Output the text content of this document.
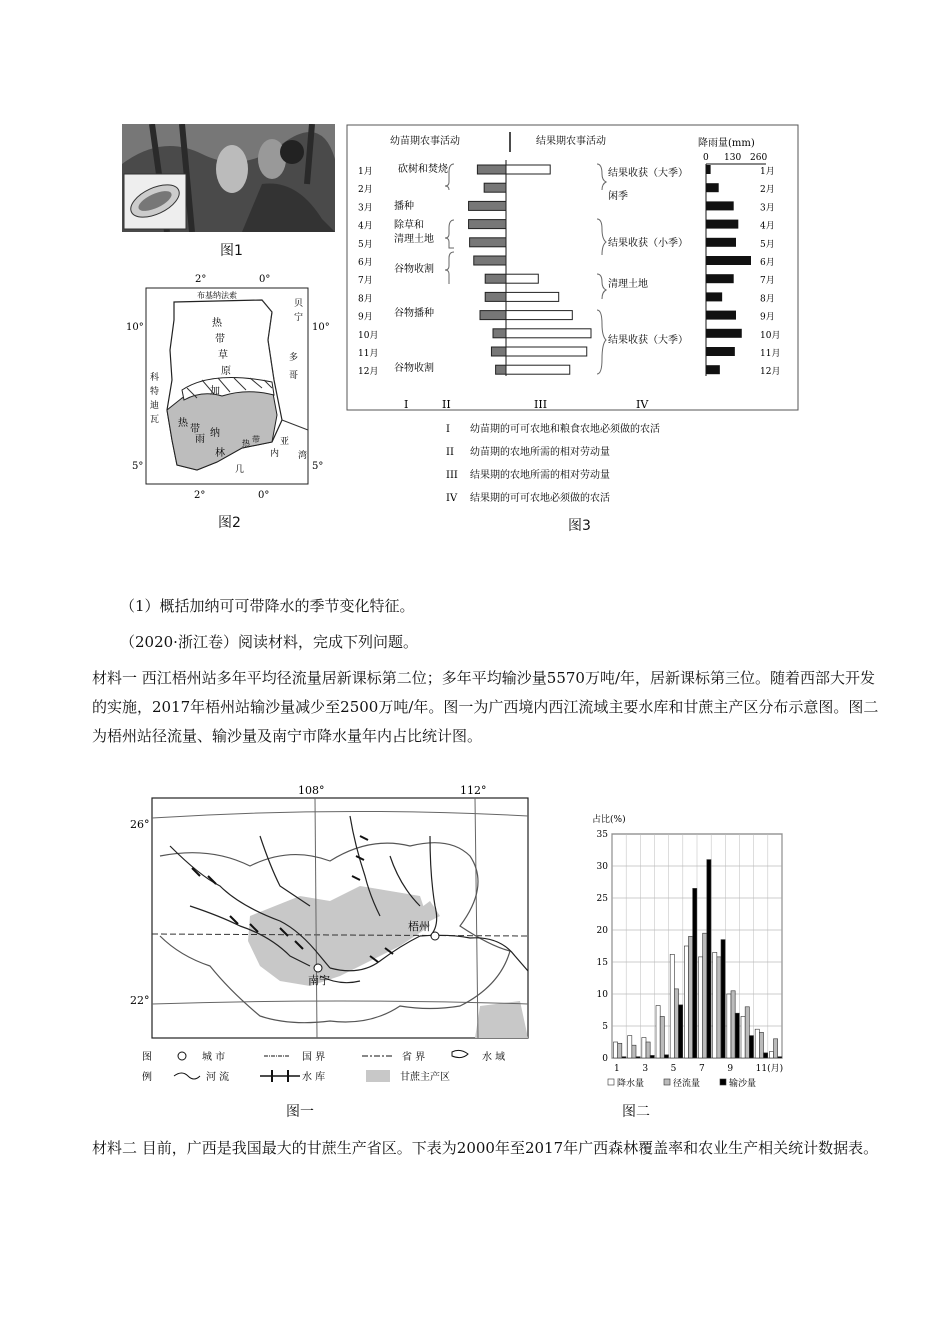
图1
2°	0°
2°	0°
10°	10°
5°	5°
布基纳法索
贝
宁
多
哥
科
特
迪
瓦
热
带
草
原
加
热
带 纳
雨
林
热 带 亚
内
几
湾
图2
幼苗期农事活动	结果期农事活动	降雨量(mm)
0 130 260
1月	1月
2月	2月
3月	3月
4月	4月
5月	5月
6月	6月
7月	7月
8月	8月
9月	9月
10月	10月
11月	11月
12月	12月
砍树和焚烧
播种
除草和
清理土地
谷物收割
谷物播种
谷物收割
结果收获（大季）
闲季
结果收获（小季）
清理土地
结果收获（大季）
I	II	III	IV
I 幼苗期的可可农地和粮食农地必须做的农活
II 幼苗期的农地所需的相对劳动量
III 结果期的农地所需的相对劳动量
IV 结果期的可可农地必须做的农活
图3
（1）概括加纳可可带降水的季节变化特征。
（2020·浙江卷）阅读材料，完成下列问题。
材料一 西江梧州站多年平均径流量居新课标第二位；多年平均输沙量5570万吨/年，居新课标第三位。随着西部大开发的实施，2017年梧州站输沙量减少至2500万吨/年。图一为广西境内西江流域主要水库和甘蔗主产区分布示意图。图二为梧州站径流量、输沙量及南宁市降水量年内占比统计图。
108°	112°
26°
22°
梧州
南宁
图
例
城 市	国 界	省 界	水 域
河 流	水 库	甘蔗主产区
图一
占比(%)
0
5
10
15
20
25
30
35
1	3	5	7	9	11(月)
降水量	径流量	输沙量
图二
材料二 目前，广西是我国最大的甘蔗生产省区。下表为2000年至2017年广西森林覆盖率和农业生产相关统计数据表。
